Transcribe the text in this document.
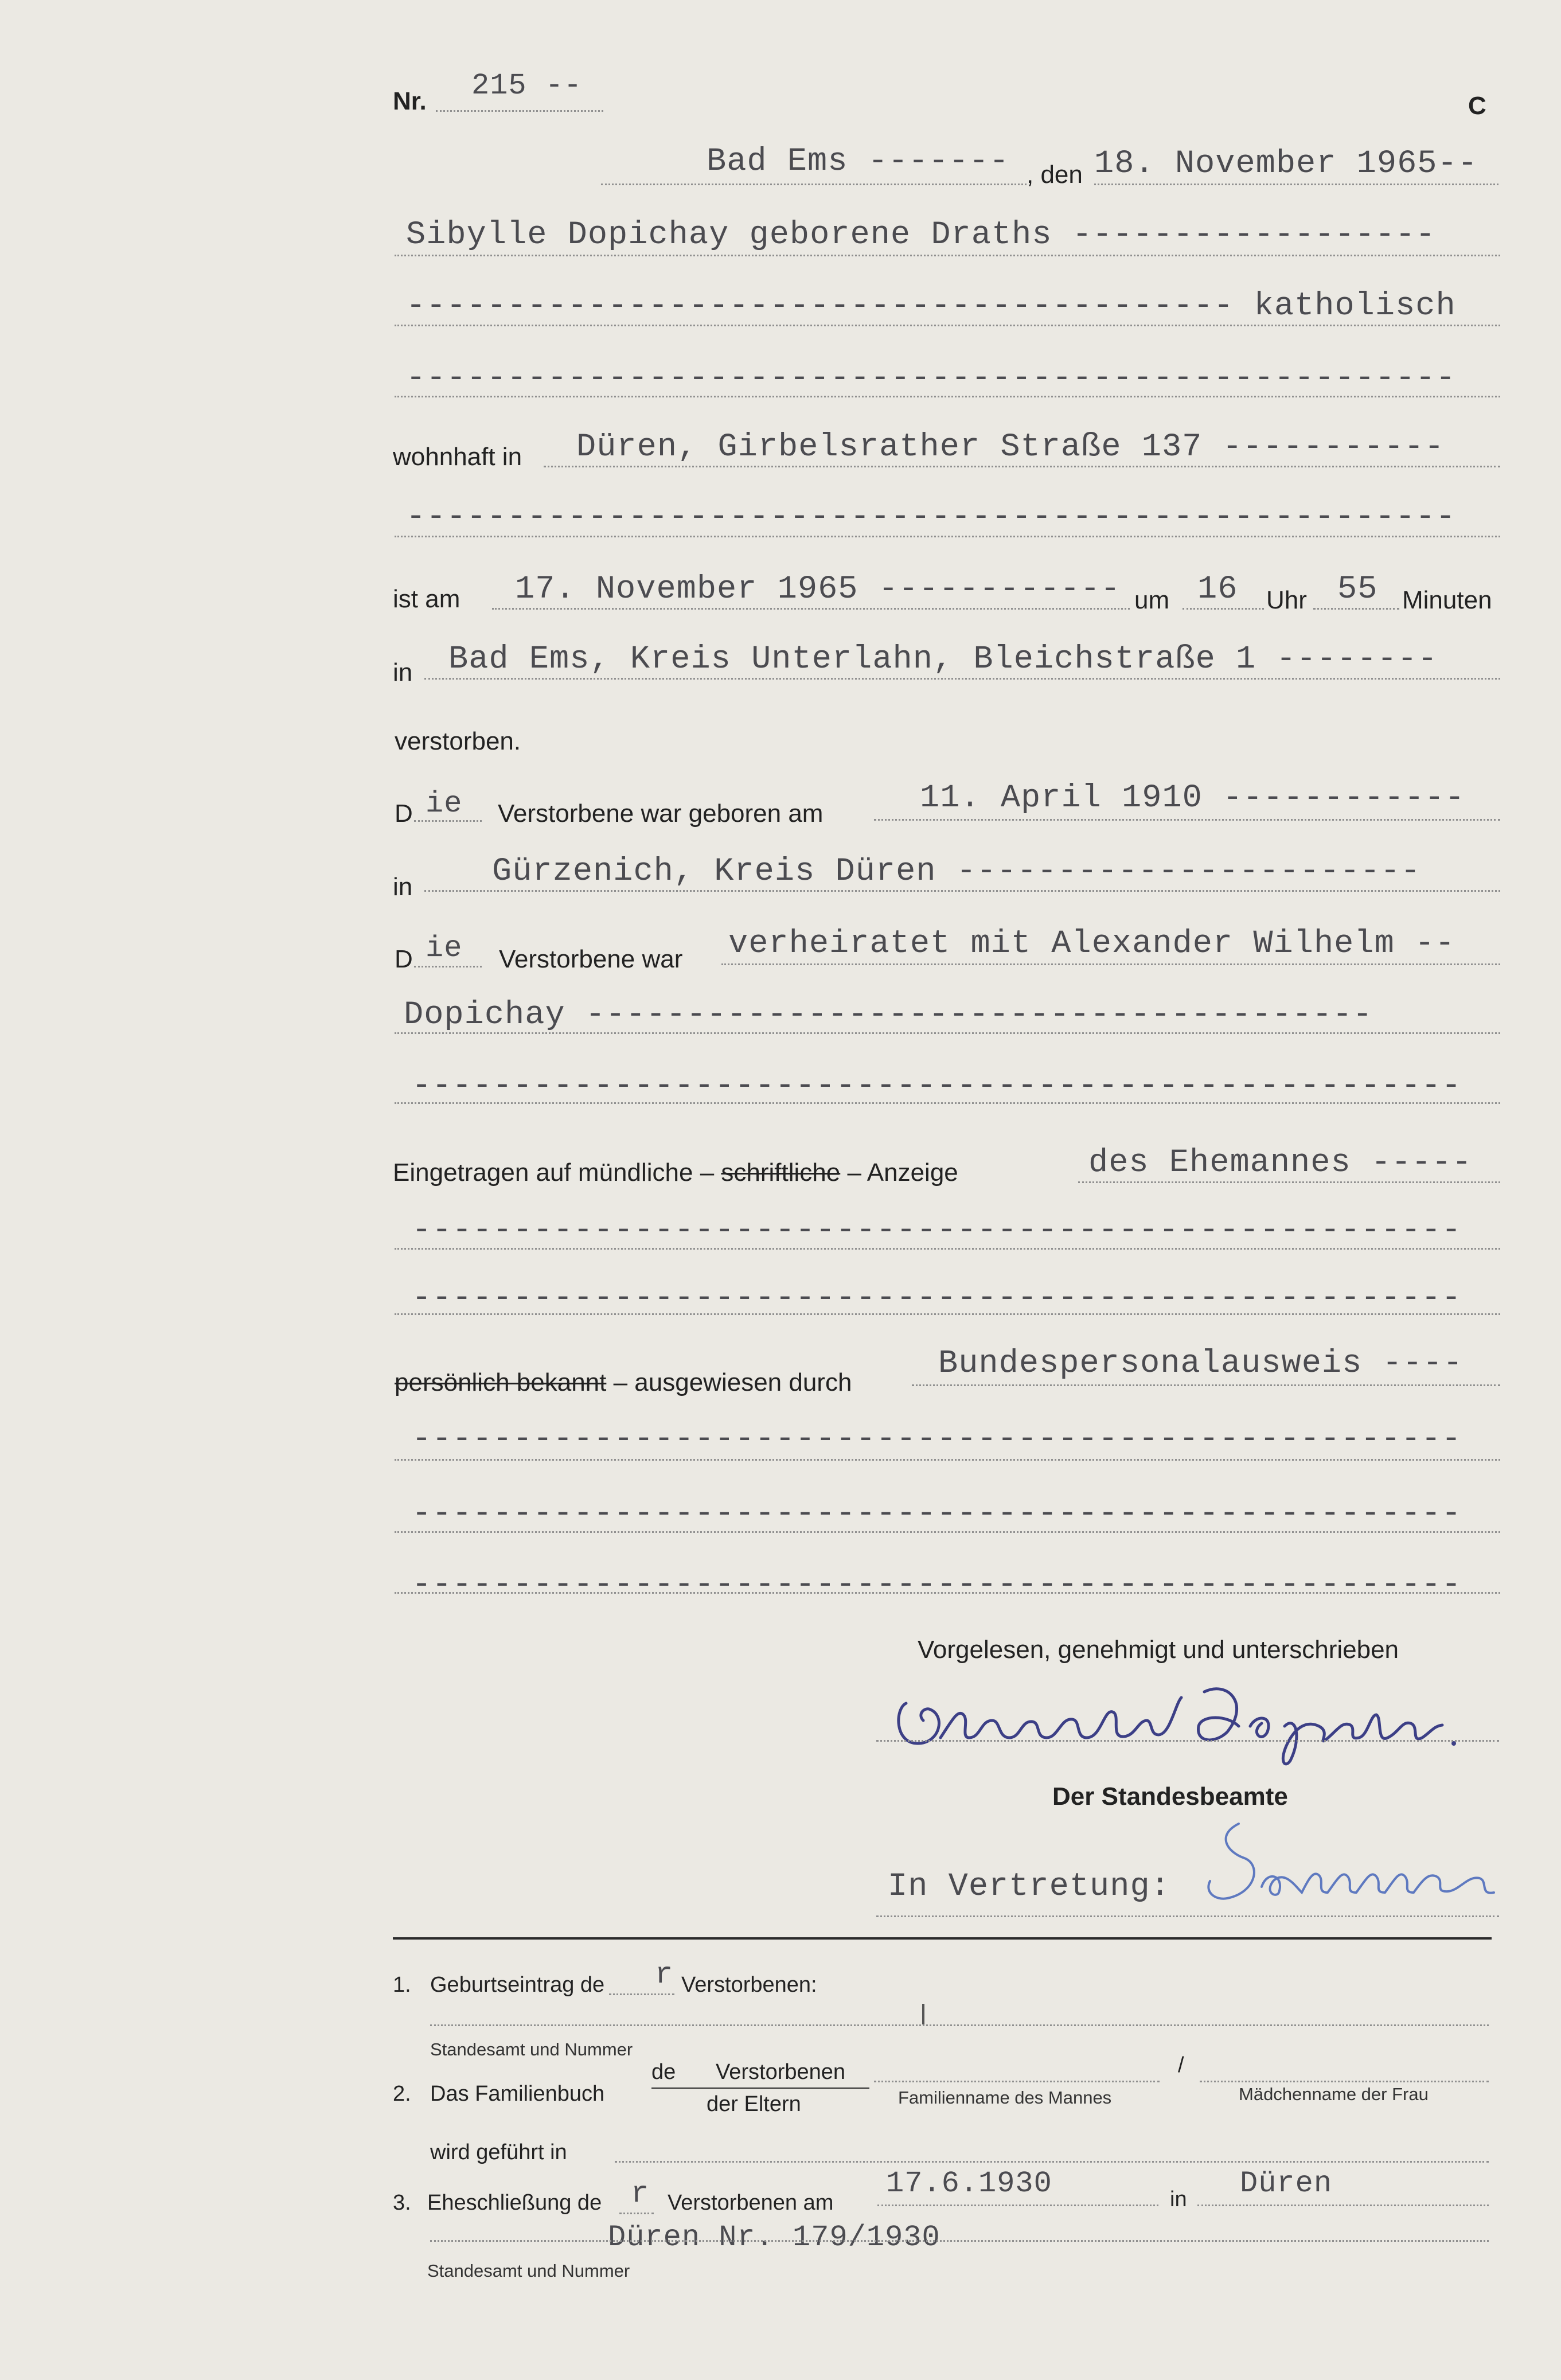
Nr. 215 --
C
Bad Ems ------- , den 18. November 1965--
Sibylle Dopichay geborene Draths ------------------
----------------------------------------- katholisch
----------------------------------------------------
wohnhaft in Düren, Girbelsrather Straße 137 -----------
----------------------------------------------------
ist am 17. November 1965 ------------ um 16 Uhr 55 Minuten
in Bad Ems, Kreis Unterlahn, Bleichstraße 1 --------
verstorben.
D ie Verstorbene war geboren am	11. April 1910 ------------
in Gürzenich, Kreis Düren -----------------------
D ie Verstorbene war verheiratet mit Alexander Wilhelm --
Dopichay ---------------------------------------
----------------------------------------------------
Eingetragen auf mündliche – schriftliche – Anzeige	des Ehemannes -----
----------------------------------------------------
----------------------------------------------------
persönlich bekannt – ausgewiesen durch
Bundespersonalausweis ----
----------------------------------------------------
----------------------------------------------------
----------------------------------------------------
Vorgelesen, genehmigt und unterschrieben
Der Standesbeamte
In Vertretung:
1. Geburtseintrag de r Verstorbenen:
Standesamt und Nummer
2. Das Familienbuch
de Verstorbenen
der Eltern
/
Familienname des Mannes	Mädchenname der Frau
wird geführt in
3. Eheschließung de r Verstorbenen am
17.6.1930	in Düren
Düren Nr. 179/1930
Standesamt und Nummer
